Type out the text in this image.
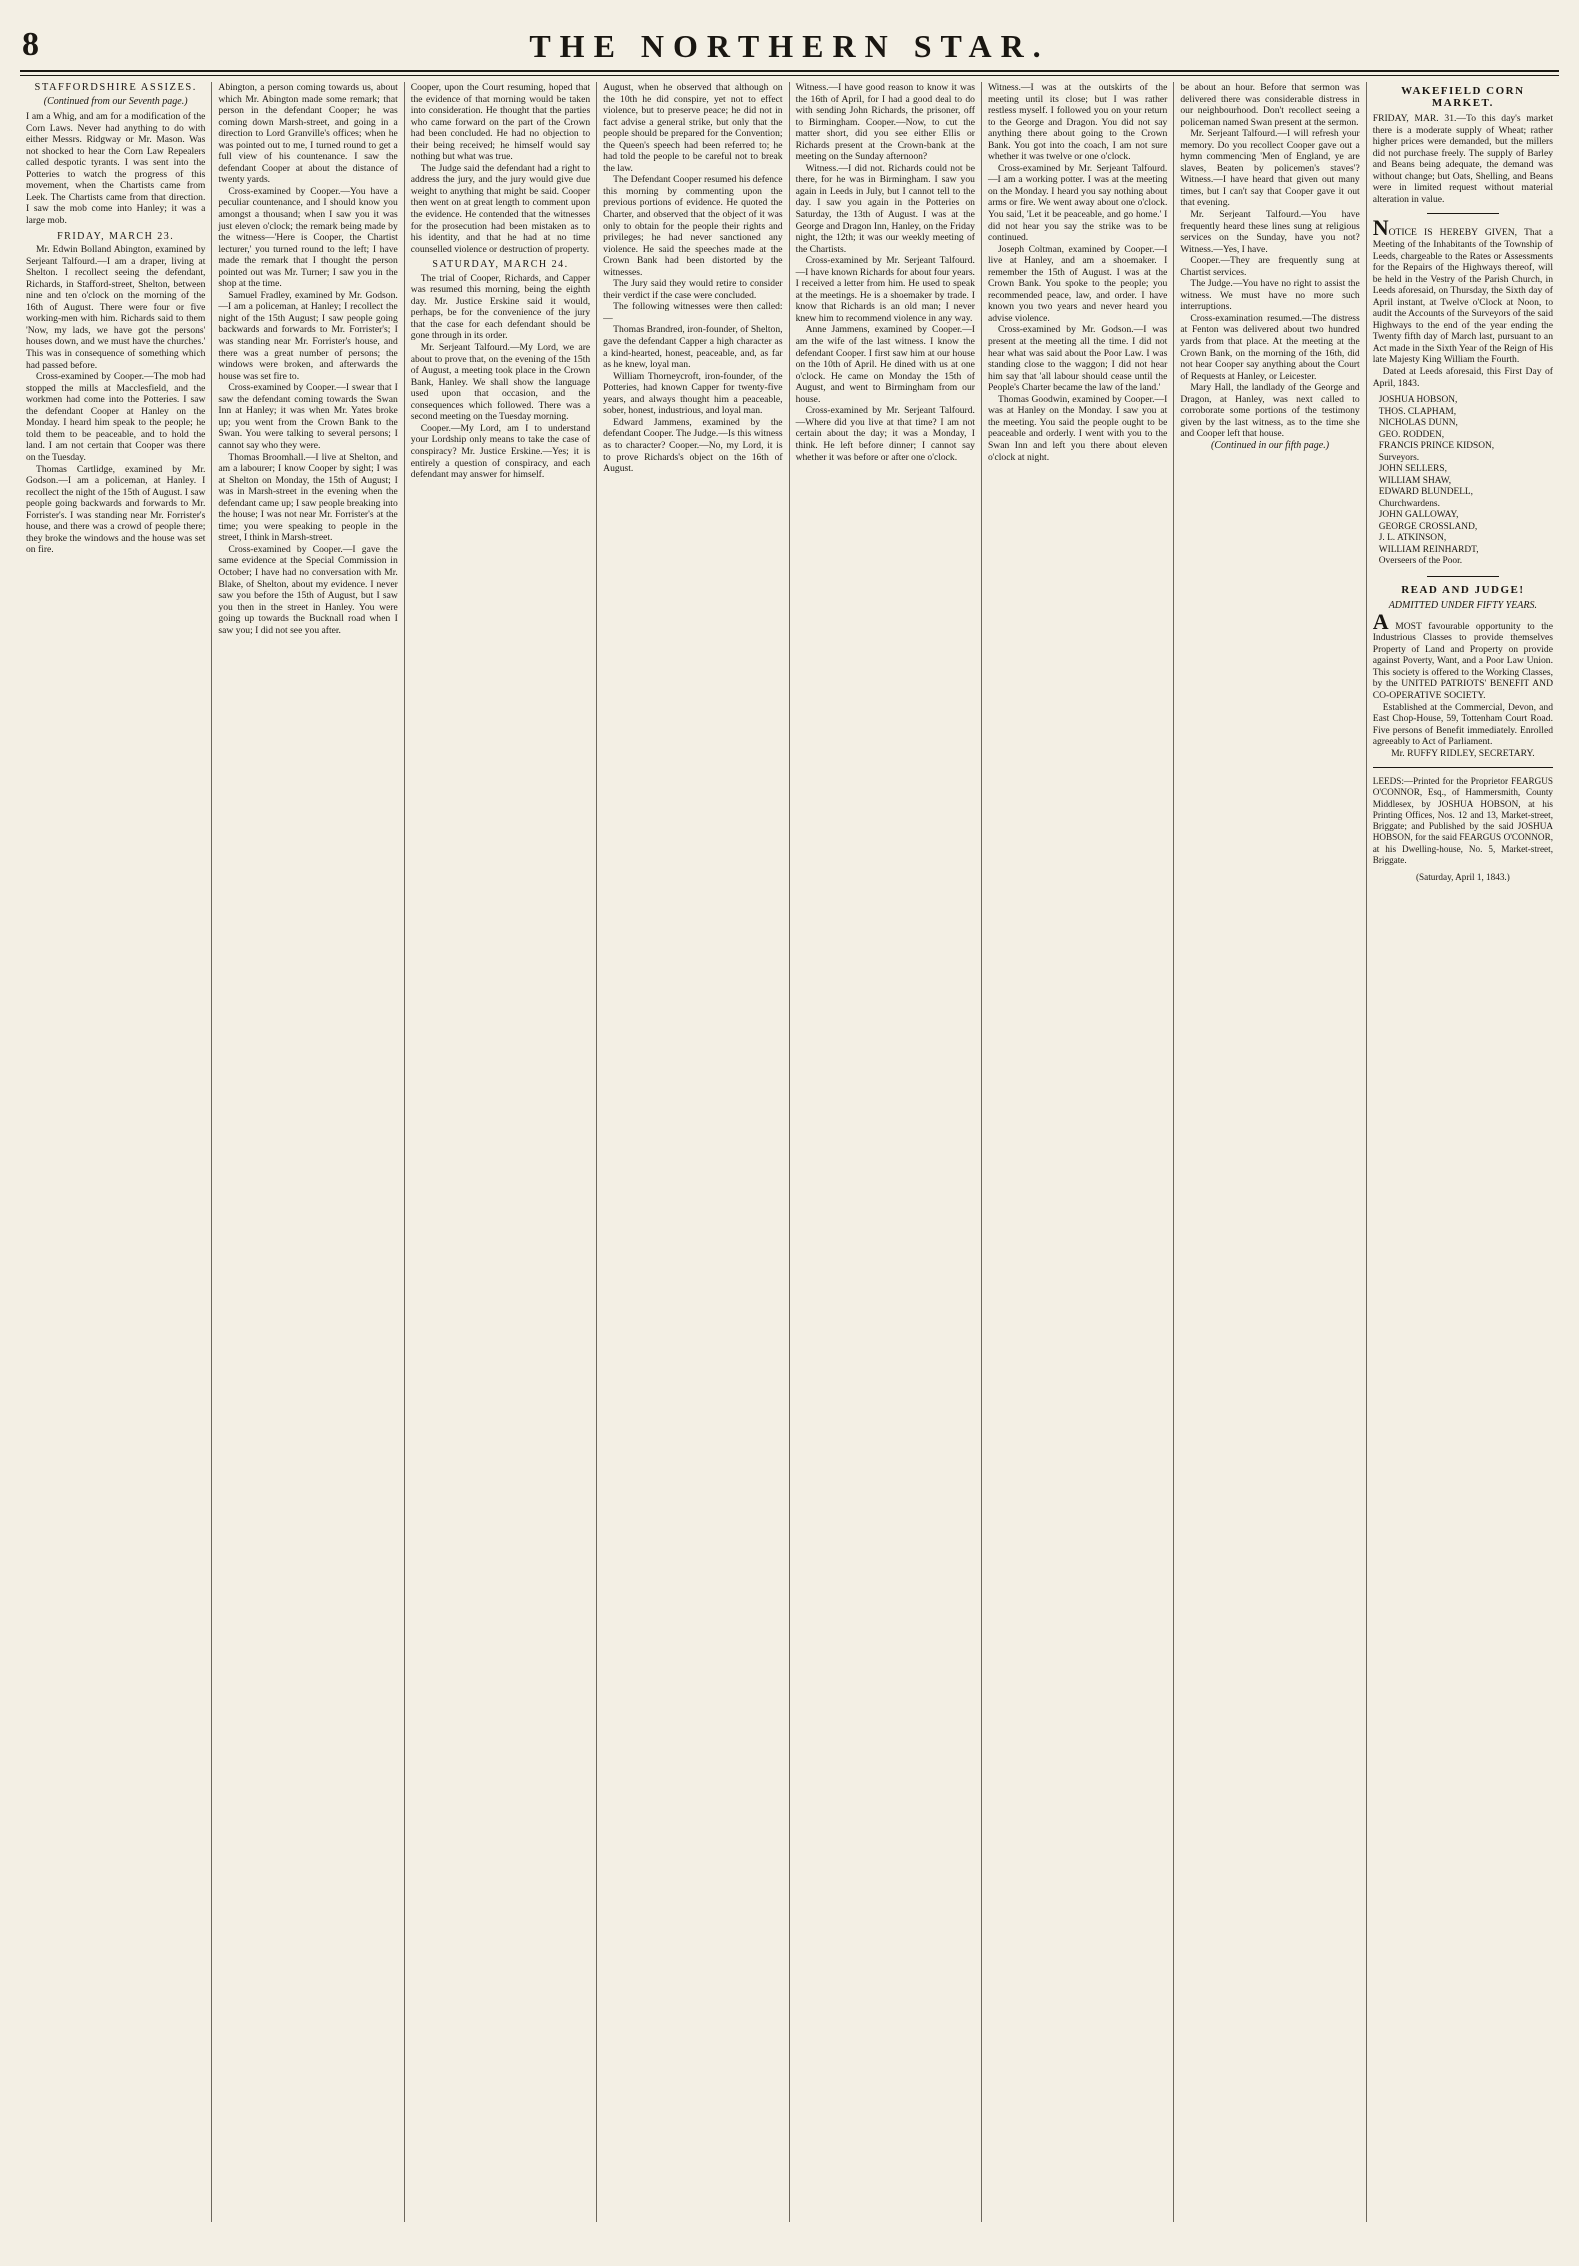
8	THE NORTHERN STAR.
STAFFORDSHIRE ASSIZES.
(Continued from our Seventh page.)

I am a Whig, and am for a modification of the Corn Laws. Never had anything to do with either Messrs. Ridgway or Mr. Mason. Was not shocked to hear the Corn Law Repealers called despotic tyrants. I was sent into the Potteries to watch the progress of this movement, when the Chartists came from Leek. The Chartists came from that direction. I saw the mob come into Hanley; it was a large mob.

FRIDAY, MARCH 23.

Mr. Edwin Bolland Abington, examined by Serjeant Talfourd.—I am a draper, living at Shelton. I recollect seeing the defendant, Richards, in Stafford-street, Shelton, between nine and ten o'clock on the morning of the 16th of August. There were four or five working-men with him. Richards said to them 'Now, my lads, we have got the persons' houses down, and we must have the churches.' This was in consequence of something which had passed before.

Cross-examined by Cooper.—The mob had stopped the mills at Macclesfield, and the workmen had come into the Potteries. I saw the defendant Cooper at Hanley on the Monday. I heard him speak to the people; he told them to be peaceable, and to hold the land. I am not certain that Cooper was there on the Tuesday.

Thomas Cartlidge, examined by Mr. Godson.—I am a policeman, at Hanley. I recollect the night of the 15th of August. I saw people going backwards and forwards to Mr. Forrister's. I was standing near Mr. Forrister's house, and there was a crowd of people there; they broke the windows and the house was set on fire.

Abington, a person coming towards us, about which Mr. Abington made some remark; that person in the defendant Cooper; he was coming down Marsh-street, and going in a direction to Lord Granville's offices; when he was pointed out to me, I turned round to get a full view of his countenance. I saw the defendant Cooper at about the distance of twenty yards.

Cross-examined by Cooper.—You have a peculiar countenance, and I should know you amongst a thousand; when I saw you it was just eleven o'clock; the remark being made by the witness—'Here is Cooper, the Chartist lecturer,' you turned round to the left; I have made the remark that I thought the person pointed out was Mr. Turner; I saw you in the shop at the time.

Samuel Fradley, examined by Mr. Godson.—I am a policeman, at Hanley; I recollect the night of the 15th August; I saw people going backwards and forwards to Mr. Forrister's; I was standing near Mr. Forrister's house, and there was a great number of persons; the windows were broken, and afterwards the house was set fire to.

Cross-examined by Cooper.—I swear that I saw the defendant coming towards the Swan Inn at Hanley; it was when Mr. Yates broke up; you went from the Crown Bank to the Swan. You were talking to several persons; I cannot say who they were.

Thomas Broomhall.—I live at Shelton, and am a labourer; I know Cooper by sight; I was at Shelton on Monday, the 15th of August; I was in Marsh-street in the evening when the defendant came up; I saw people breaking into the house; I was not near Mr. Forrister's at the time; you were speaking to people in the street, I think in Marsh-street.

Cross-examined by Cooper.—I gave the same evidence at the Special Commission in October; I have had no conversation with Mr. Blake, of Shelton, about my evidence. I never saw you before the 15th of August, but I saw you then in the street in Hanley. You were going up towards the Bucknall road when I saw you; I did not see you after.

Cooper, upon the Court resuming, hoped that the evidence of that morning would be taken into consideration. He thought that the parties who came forward on the part of the Crown had been concluded. He had no objection to their being received; he himself would say nothing but what was true.

The Judge said the defendant had a right to address the jury, and the jury would give due weight to anything that might be said. Cooper then went on at great length to comment upon the evidence. He contended that the witnesses for the prosecution had been mistaken as to his identity, and that he had at no time counselled violence or destruction of property.

SATURDAY, MARCH 24.

The trial of Cooper, Richards, and Capper was resumed this morning, being the eighth day. Mr. Justice Erskine said it would, perhaps, be for the convenience of the jury that the case for each defendant should be gone through in its order.

Mr. Serjeant Talfourd.—My Lord, we are about to prove that, on the evening of the 15th of August, a meeting took place in the Crown Bank, Hanley. We shall show the language used upon that occasion, and the consequences which followed. There was a second meeting on the Tuesday morning.

Cooper.—My Lord, am I to understand your Lordship only means to take the case of conspiracy? Mr. Justice Erskine.—Yes; it is entirely a question of conspiracy, and each defendant may answer for himself.

August, when he observed that although on the 10th he did conspire, yet not to effect violence, but to preserve peace; he did not in fact advise a general strike, but only that the people should be prepared for the Convention; the Queen's speech had been referred to; he had told the people to be careful not to break the law.

The Defendant Cooper resumed his defence this morning by commenting upon the previous portions of evidence. He quoted the Charter, and observed that the object of it was only to obtain for the people their rights and privileges; he had never sanctioned any violence. He said the speeches made at the Crown Bank had been distorted by the witnesses.

The Jury said they would retire to consider their verdict if the case were concluded.

The following witnesses were then called:—

Thomas Brandred, iron-founder, of Shelton, gave the defendant Capper a high character as a kind-hearted, honest, peaceable, and, as far as he knew, loyal man.

William Thorneycroft, iron-founder, of the Potteries, had known Capper for twenty-five years, and always thought him a peaceable, sober, honest, industrious, and loyal man.

Edward Jammens, examined by the defendant Cooper. The Judge.—Is this witness as to character? Cooper.—No, my Lord, it is to prove Richards's object on the 16th of August.

Witness.—I have good reason to know it was the 16th of April, for I had a good deal to do with sending John Richards, the prisoner, off to Birmingham. Cooper.—Now, to cut the matter short, did you see either Ellis or Richards present at the Crown-bank at the meeting on the Sunday afternoon?

Witness.—I did not. Richards could not be there, for he was in Birmingham. I saw you again in Leeds in July, but I cannot tell to the day. I saw you again in the Potteries on Saturday, the 13th of August. I was at the George and Dragon Inn, Hanley, on the Friday night, the 12th; it was our weekly meeting of the Chartists.

Cross-examined by Mr. Serjeant Talfourd.—I have known Richards for about four years. I received a letter from him. He used to speak at the meetings. He is a shoemaker by trade. I know that Richards is an old man; I never knew him to recommend violence in any way.

Anne Jammens, examined by Cooper.—I am the wife of the last witness. I know the defendant Cooper. I first saw him at our house on the 10th of April. He dined with us at one o'clock. He came on Monday the 15th of August, and went to Birmingham from our house.

Cross-examined by Mr. Serjeant Talfourd.—Where did you live at that time? I am not certain about the day; it was a Monday, I think. He left before dinner; I cannot say whether it was before or after one o'clock.

Witness.—I was at the outskirts of the meeting until its close; but I was rather restless myself. I followed you on your return to the George and Dragon. You did not say anything there about going to the Crown Bank. You got into the coach, I am not sure whether it was twelve or one o'clock.

Cross-examined by Mr. Serjeant Talfourd.—I am a working potter. I was at the meeting on the Monday. I heard you say nothing about arms or fire. We went away about one o'clock. You said, 'Let it be peaceable, and go home.' I did not hear you say the strike was to be continued.

Joseph Coltman, examined by Cooper.—I live at Hanley, and am a shoemaker. I remember the 15th of August. I was at the Crown Bank. You spoke to the people; you recommended peace, law, and order. I have known you two years and never heard you advise violence.

Cross-examined by Mr. Godson.—I was present at the meeting all the time. I did not hear what was said about the Poor Law. I was standing close to the waggon; I did not hear him say that 'all labour should cease until the People's Charter became the law of the land.'

Thomas Goodwin, examined by Cooper.—I was at Hanley on the Monday. I saw you at the meeting. You said the people ought to be peaceable and orderly. I went with you to the Swan Inn and left you there about eleven o'clock at night.

be about an hour. Before that sermon was delivered there was considerable distress in our neighbourhood. Don't recollect seeing a policeman named Swan present at the sermon.

Mr. Serjeant Talfourd.—I will refresh your memory. Do you recollect Cooper gave out a hymn commencing 'Men of England, ye are slaves, Beaten by policemen's staves'? Witness.—I have heard that given out many times, but I can't say that Cooper gave it out that evening.

Mr. Serjeant Talfourd.—You have frequently heard these lines sung at religious services on the Sunday, have you not? Witness.—Yes, I have.

Cooper.—They are frequently sung at Chartist services.

The Judge.—You have no right to assist the witness. We must have no more such interruptions.

Cross-examination resumed.—The distress at Fenton was delivered about two hundred yards from that place. At the meeting at the Crown Bank, on the morning of the 16th, did not hear Cooper say anything about the Court of Requests at Hanley, or Leicester.

Mary Hall, the landlady of the George and Dragon, at Hanley, was next called to corroborate some portions of the testimony given by the last witness, as to the time she and Cooper left that house.

(Continued in our fifth page.)
WAKEFIELD CORN MARKET.

FRIDAY, MAR. 31.—To this day's market there is a moderate supply of Wheat; rather higher prices were demanded, but the millers did not purchase freely. The supply of Barley and Beans being adequate, the demand was without change; but Oats, Shelling, and Beans were in limited request without material alteration in value.

NOTICE IS HEREBY GIVEN, That a Meeting of the Inhabitants of the Township of Leeds, chargeable to the Rates or Assessments for the Repairs of the Highways thereof, will be held in the Vestry of the Parish Church, in Leeds aforesaid, on Thursday, the Sixth day of April instant, at Twelve o'Clock at Noon, to audit the Accounts of the Surveyors of the said Highways to the end of the year ending the Twenty fifth day of March last, pursuant to an Act made in the Sixth Year of the Reign of His late Majesty King William the Fourth.

Dated at Leeds aforesaid, this First Day of April, 1843.

JOSHUA HOBSON,
THOS. CLAPHAM,
NICHOLAS DUNN,
GEO. RODDEN,
FRANCIS PRINCE KIDSON,
Surveyors.
JOHN SELLERS,
WILLIAM SHAW,
EDWARD BLUNDELL,
Churchwardens.
JOHN GALLOWAY,
GEORGE CROSSLAND,
J. L. ATKINSON,
WILLIAM REINHARDT,
Overseers of the Poor.
READ AND JUDGE!
ADMITTED UNDER FIFTY YEARS.

A MOST favourable opportunity to the Industrious Classes to provide themselves Property of Land and Property on provide against Poverty, Want, and a Poor Law Union. This society is offered to the Working Classes, by the UNITED PATRIOTS' BENEFIT AND CO-OPERATIVE SOCIETY.

Established at the Commercial, Devon, and East Chop-House, 59, Tottenham Court Road. Five persons of Benefit immediately. Enrolled agreeably to Act of Parliament.

Mr. RUFFY RIDLEY, SECRETARY.

LEEDS:—Printed for the Proprietor FEARGUS O'CONNOR, Esq., of Hammersmith, County Middlesex, by JOSHUA HOBSON, at his Printing Offices, Nos. 12 and 13, Market-street, Briggate; and Published by the said JOSHUA HOBSON, for the said FEARGUS O'CONNOR, at his Dwelling-house, No. 5, Market-street, Briggate.

(Saturday, April 1, 1843.)
